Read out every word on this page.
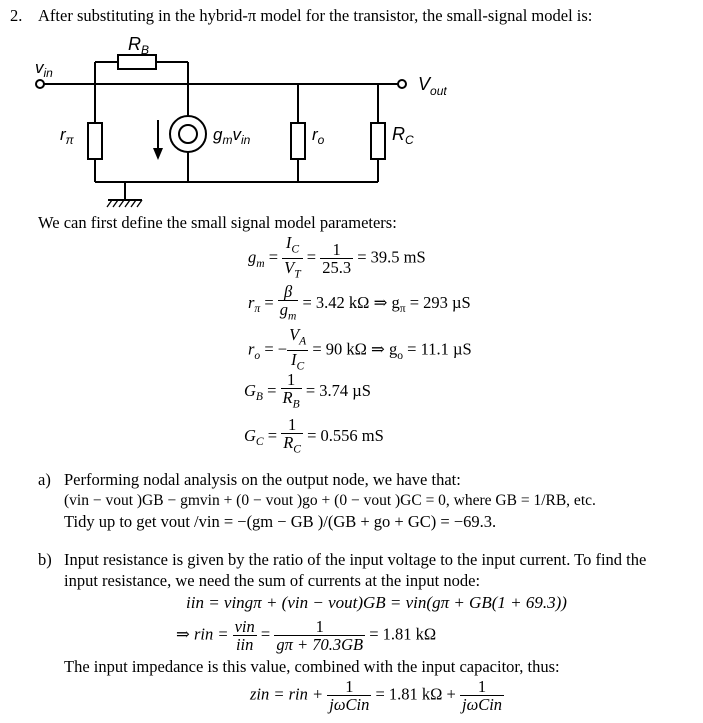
2. After substituting in the hybrid-π model for the transistor, the small-signal model is:
$R_B$
$v_{in}$
$V_{out}$
$r_\pi$	$g_mv_{in}$	$r_o$	$R_C$
We can first define the small signal model parameters:
$g_m = \frac{I_C}{V_T} = \frac{1}{25.3} = 39.5$ mS
$r_\pi = \frac{\beta}{g_m} = 3.42$ kΩ ⇒ $g_\pi = 293$ µS
$r_o$ = − $\frac{V_A}{I_C} = 90$ kΩ ⇒ $g_o = 11.1$ µS
$G_B = \frac{1}{R_B} = 3.74$ µS
$G_C = \frac{1}{R_C} = 0.556$ mS
a) Performing nodal analysis on the output node, we have that:
(vin − vout )GB − gmvin + (0 − vout )go + (0 − vout )GC = 0, where GB = 1/RB, etc.
Tidy up to get vout /vin = −(gm − GB )/(GB + go + GC) = −69.3.
b) Input resistance is given by the ratio of the input voltage to the input current. To find the
input resistance, we need the sum of currents at the input node:
iin = vingπ + (vin − vout)GB = vin(gπ + GB(1 + 69.3))
⇒ rin = $\frac{\text{vin}}{\text{iin}} = \frac{1}{g\pi + 70.3GB} = 1.81$ kΩ
The input impedance is this value, combined with the input capacitor, thus:
zin = rin + $\frac{1}{\text{jωCin}} = 1.81$ $k\Omega + \frac{1}{\text{jωCin}}$
